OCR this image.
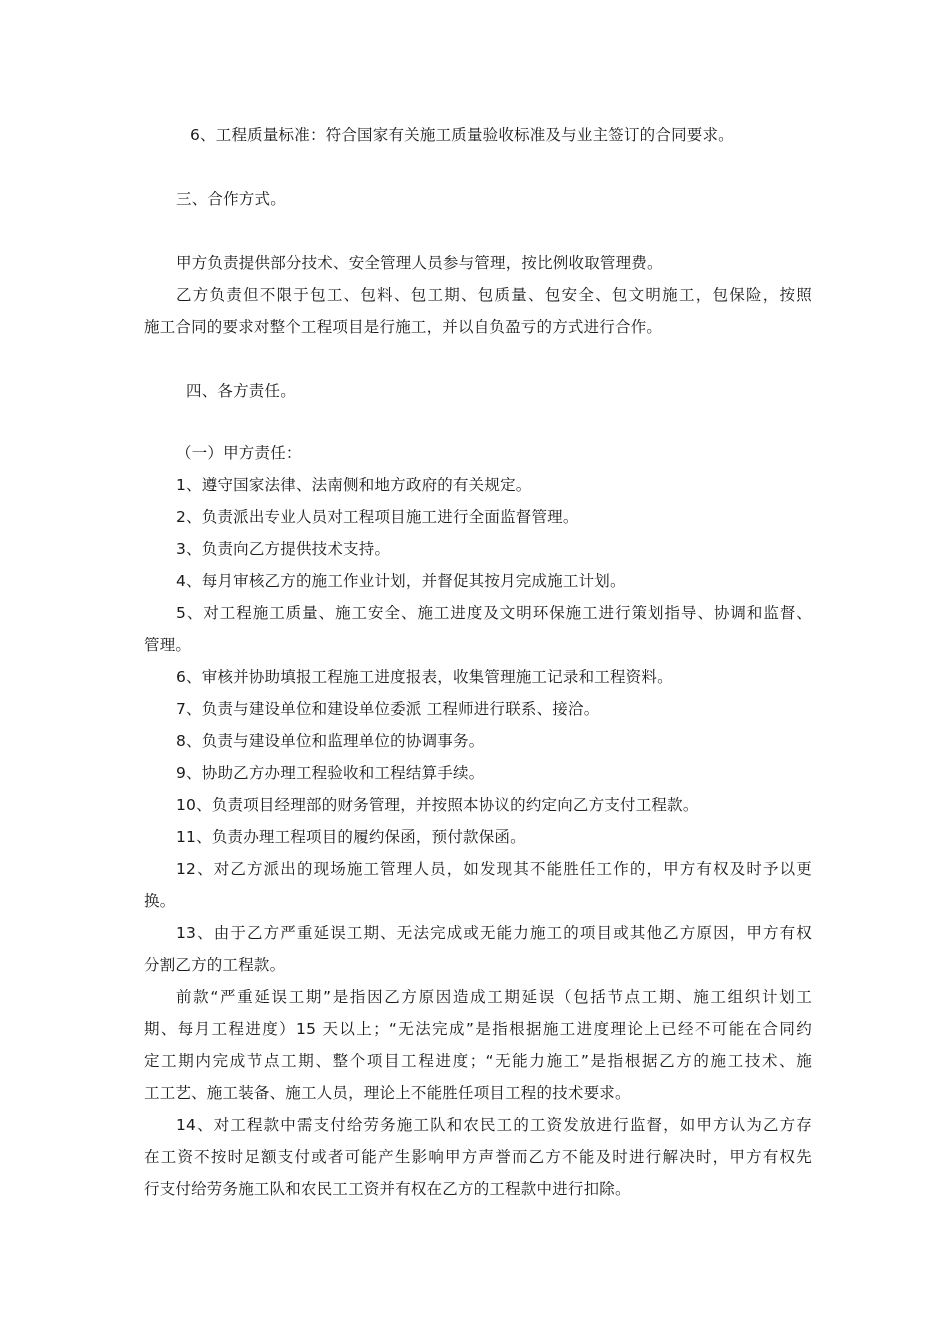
6、工程质量标准：符合国家有关施工质量验收标准及与业主签订的合同要求。
三、合作方式。
甲方负责提供部分技术、安全管理人员参与管理，按比例收取管理费。
乙方负责但不限于包工、包料、包工期、包质量、包安全、包文明施工，包保险，按照
施工合同的要求对整个工程项目是行施工，并以自负盈亏的方式进行合作。
四、各方责任。
（一）甲方责任：
1、遵守国家法律、法南侧和地方政府的有关规定。
2、负责派出专业人员对工程项目施工进行全面监督管理。
3、负责向乙方提供技术支持。
4、每月审核乙方的施工作业计划，并督促其按月完成施工计划。
5、对工程施工质量、施工安全、施工进度及文明环保施工进行策划指导、协调和监督、
管理。
6、审核并协助填报工程施工进度报表，收集管理施工记录和工程资料。
7、负责与建设单位和建设单位委派 工程师进行联系、接洽。
8、负责与建设单位和监理单位的协调事务。
9、协助乙方办理工程验收和工程结算手续。
10、负责项目经理部的财务管理，并按照本协议的约定向乙方支付工程款。
11、负责办理工程项目的履约保函，预付款保函。
12、对乙方派出的现场施工管理人员，如发现其不能胜任工作的，甲方有权及时予以更
换。
13、由于乙方严重延误工期、无法完成或无能力施工的项目或其他乙方原因，甲方有权
分割乙方的工程款。
前款“严重延误工期”是指因乙方原因造成工期延误（包括节点工期、施工组织计划工
期、每月工程进度）15 天以上；“无法完成”是指根据施工进度理论上已经不可能在合同约
定工期内完成节点工期、整个项目工程进度；“无能力施工”是指根据乙方的施工技术、施
工工艺、施工装备、施工人员，理论上不能胜任项目工程的技术要求。
14、对工程款中需支付给劳务施工队和农民工的工资发放进行监督，如甲方认为乙方存
在工资不按时足额支付或者可能产生影响甲方声誉而乙方不能及时进行解决时，甲方有权先
行支付给劳务施工队和农民工工资并有权在乙方的工程款中进行扣除。
